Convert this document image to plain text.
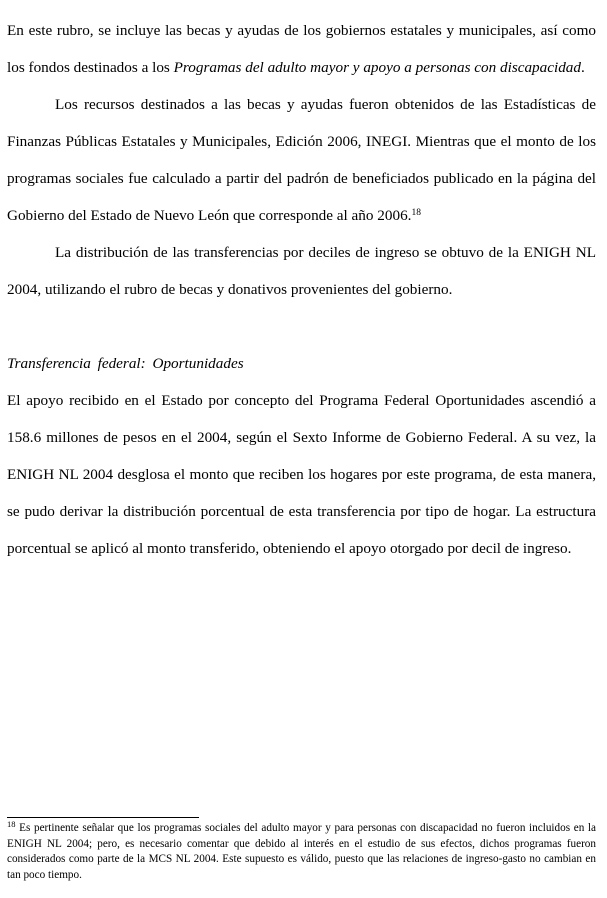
En este rubro, se incluye las becas y ayudas de los gobiernos estatales y municipales, así como los fondos destinados a los Programas del adulto mayor y apoyo a personas con discapacidad.

Los recursos destinados a las becas y ayudas fueron obtenidos de las Estadísticas de Finanzas Públicas Estatales y Municipales, Edición 2006, INEGI. Mientras que el monto de los programas sociales fue calculado a partir del padrón de beneficiados publicado en la página del Gobierno del Estado de Nuevo León que corresponde al año 2006.18

La distribución de las transferencias por deciles de ingreso se obtuvo de la ENIGH NL 2004, utilizando el rubro de becas y donativos provenientes del gobierno.

Transferencia federal: Oportunidades

El apoyo recibido en el Estado por concepto del Programa Federal Oportunidades ascendió a 158.6 millones de pesos en el 2004, según el Sexto Informe de Gobierno Federal. A su vez, la ENIGH NL 2004 desglosa el monto que reciben los hogares por este programa, de esta manera, se pudo derivar la distribución porcentual de esta transferencia por tipo de hogar. La estructura porcentual se aplicó al monto transferido, obteniendo el apoyo otorgado por decil de ingreso.

$^{18}$ Es pertinente señalar que los programas sociales del adulto mayor y para personas con discapacidad no fueron incluidos en la ENIGH NL 2004; pero, es necesario comentar que debido al interés en el estudio de sus efectos, dichos programas fueron considerados como parte de la MCS NL 2004. Este supuesto es válido, puesto que las relaciones de ingreso-gasto no cambian en tan poco tiempo.
